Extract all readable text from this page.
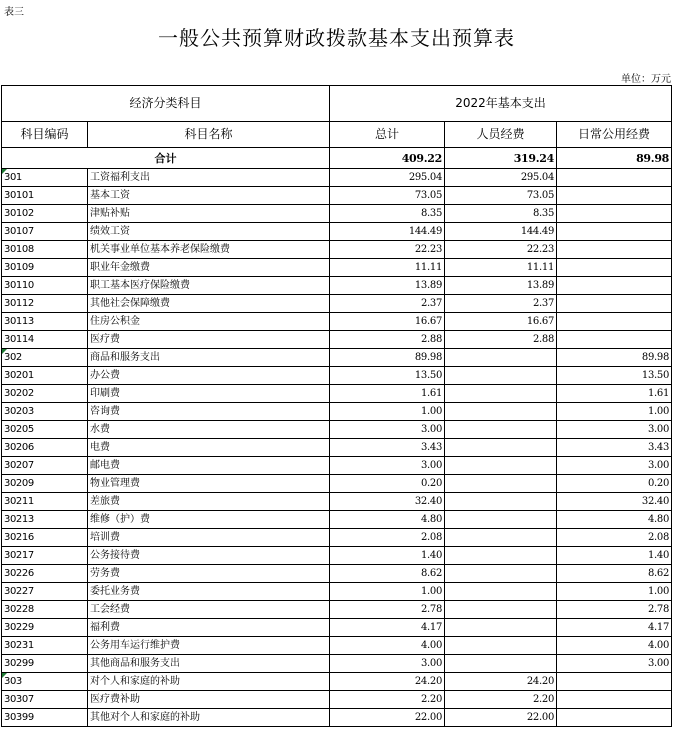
表三
一般公共预算财政拨款基本支出预算表
单位：万元
经济分类科目		2022年基本支出		
科目编码	科目名称	总计	人员经费	日常公用经费
合计		409.22	319.24	89.98
301	工资福利支出	295.04	295.04	
30101	基本工资	73.05	73.05	
30102	津贴补贴	8.35	8.35	
30107	绩效工资	144.49	144.49	
30108	机关事业单位基本养老保险缴费	22.23	22.23	
30109	职业年金缴费	11.11	11.11	
30110	职工基本医疗保险缴费	13.89	13.89	
30112	其他社会保障缴费	2.37	2.37	
30113	住房公积金	16.67	16.67	
30114	医疗费	2.88	2.88	
302	商品和服务支出	89.98		89.98
30201	办公费	13.50		13.50
30202	印刷费	1.61		1.61
30203	咨询费	1.00		1.00
30205	水费	3.00		3.00
30206	电费	3.43		3.43
30207	邮电费	3.00		3.00
30209	物业管理费	0.20		0.20
30211	差旅费	32.40		32.40
30213	维修（护）费	4.80		4.80
30216	培训费	2.08		2.08
30217	公务接待费	1.40		1.40
30226	劳务费	8.62		8.62
30227	委托业务费	1.00		1.00
30228	工会经费	2.78		2.78
30229	福利费	4.17		4.17
30231	公务用车运行维护费	4.00		4.00
30299	其他商品和服务支出	3.00		3.00
303	对个人和家庭的补助	24.20	24.20	
30307	医疗费补助	2.20	2.20	
30399	其他对个人和家庭的补助	22.00	22.00	
